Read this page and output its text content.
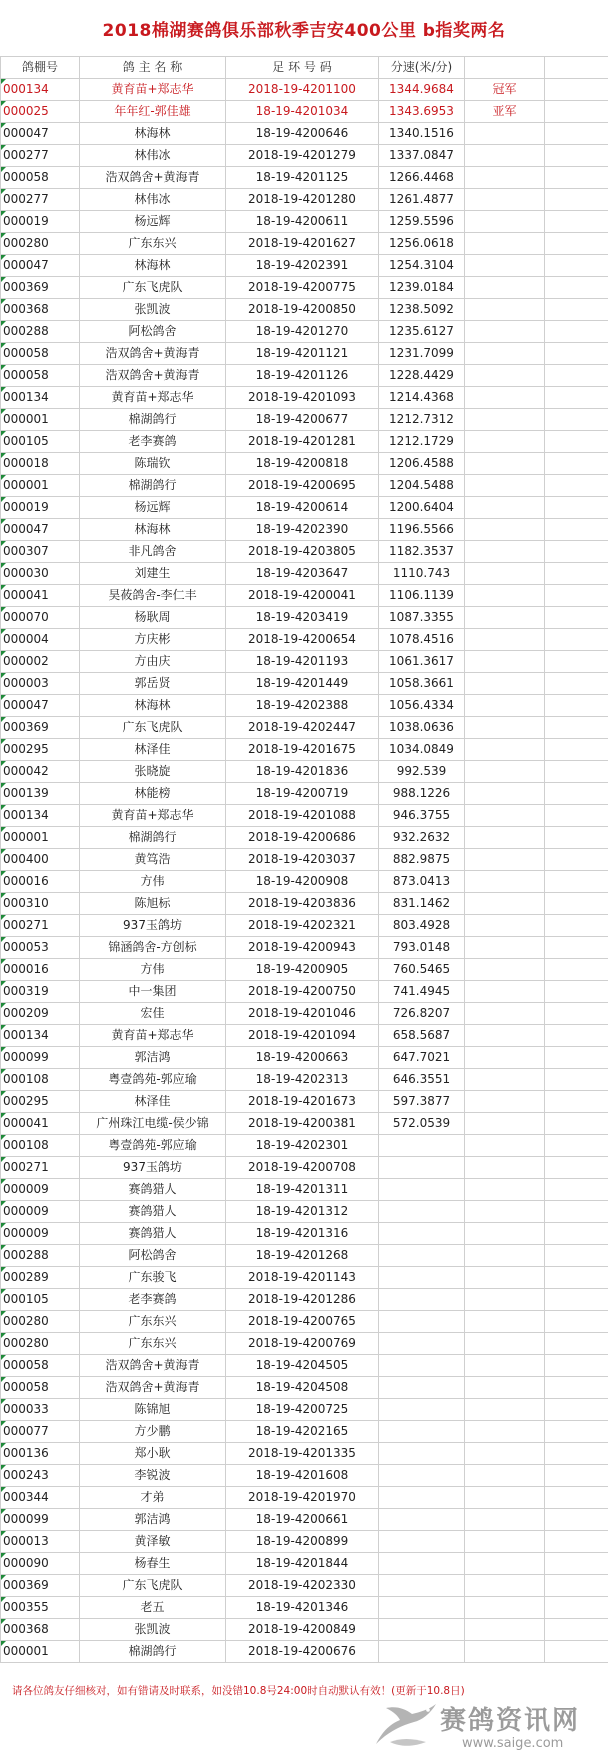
2018棉湖赛鸽俱乐部秋季吉安400公里 b指奖两名
鸽棚号	鸽 主 名 称	足 环 号 码	分速(米/分)		
000134	黄育苗+郑志华	2018-19-4201100	1344.9684	冠军	
000025	年年红-郭佳雄	18-19-4201034	1343.6953	亚军	
000047	林海林	18-19-4200646	1340.1516		
000277	林伟冰	2018-19-4201279	1337.0847		
000058	浩双鸽舍+黄海青	18-19-4201125	1266.4468		
000277	林伟冰	2018-19-4201280	1261.4877		
000019	杨远辉	18-19-4200611	1259.5596		
000280	广东东兴	2018-19-4201627	1256.0618		
000047	林海林	18-19-4202391	1254.3104		
000369	广东飞虎队	2018-19-4200775	1239.0184		
000368	张凯波	2018-19-4200850	1238.5092		
000288	阿松鸽舍	18-19-4201270	1235.6127		
000058	浩双鸽舍+黄海青	18-19-4201121	1231.7099		
000058	浩双鸽舍+黄海青	18-19-4201126	1228.4429		
000134	黄育苗+郑志华	2018-19-4201093	1214.4368		
000001	棉湖鸽行	18-19-4200677	1212.7312		
000105	老李赛鸽	2018-19-4201281	1212.1729		
000018	陈瑞钦	18-19-4200818	1206.4588		
000001	棉湖鸽行	2018-19-4200695	1204.5488		
000019	杨远辉	18-19-4200614	1200.6404		
000047	林海林	18-19-4202390	1196.5566		
000307	非凡鸽舍	2018-19-4203805	1182.3537		
000030	刘建生	18-19-4203647	1110.743		
000041	昊莜鸽舍-李仁丰	2018-19-4200041	1106.1139		
000070	杨耿周	18-19-4203419	1087.3355		
000004	方庆彬	2018-19-4200654	1078.4516		
000002	方由庆	18-19-4201193	1061.3617		
000003	郭岳贤	18-19-4201449	1058.3661		
000047	林海林	18-19-4202388	1056.4334		
000369	广东飞虎队	2018-19-4202447	1038.0636		
000295	林泽佳	2018-19-4201675	1034.0849		
000042	张晓旋	18-19-4201836	992.539		
000139	林能榜	18-19-4200719	988.1226		
000134	黄育苗+郑志华	2018-19-4201088	946.3755		
000001	棉湖鸽行	2018-19-4200686	932.2632		
000400	黄笃浩	2018-19-4203037	882.9875		
000016	方伟	18-19-4200908	873.0413		
000310	陈旭标	2018-19-4203836	831.1462		
000271	937玉鸽坊	2018-19-4202321	803.4928		
000053	锦涵鸽舍-方创标	2018-19-4200943	793.0148		
000016	方伟	18-19-4200905	760.5465		
000319	中一集团	2018-19-4200750	741.4945		
000209	宏佳	2018-19-4201046	726.8207		
000134	黄育苗+郑志华	2018-19-4201094	658.5687		
000099	郭洁鸿	18-19-4200663	647.7021		
000108	粤壹鸽苑-郭应瑜	18-19-4202313	646.3551		
000295	林泽佳	2018-19-4201673	597.3877		
000041	广州珠江电缆-侯少锦	2018-19-4200381	572.0539		
000108	粤壹鸽苑-郭应瑜	18-19-4202301			
000271	937玉鸽坊	2018-19-4200708			
000009	赛鸽猎人	18-19-4201311			
000009	赛鸽猎人	18-19-4201312			
000009	赛鸽猎人	18-19-4201316			
000288	阿松鸽舍	18-19-4201268			
000289	广东骏飞	2018-19-4201143			
000105	老李赛鸽	2018-19-4201286			
000280	广东东兴	2018-19-4200765			
000280	广东东兴	2018-19-4200769			
000058	浩双鸽舍+黄海青	18-19-4204505			
000058	浩双鸽舍+黄海青	18-19-4204508			
000033	陈锦旭	18-19-4200725			
000077	方少鹏	18-19-4202165			
000136	郑小耿	2018-19-4201335			
000243	李锐波	18-19-4201608			
000344	才弟	2018-19-4201970			
000099	郭洁鸿	18-19-4200661			
000013	黄泽敏	18-19-4200899			
000090	杨春生	18-19-4201844			
000369	广东飞虎队	2018-19-4202330			
000355	老五	18-19-4201346			
000368	张凯波	2018-19-4200849			
000001	棉湖鸽行	2018-19-4200676			
请各位鸽友仔细核对，如有错请及时联系，如没错10.8号24:00时自动默认有效！(更新于10.8日)
赛鸽资讯网
www.saige.com
